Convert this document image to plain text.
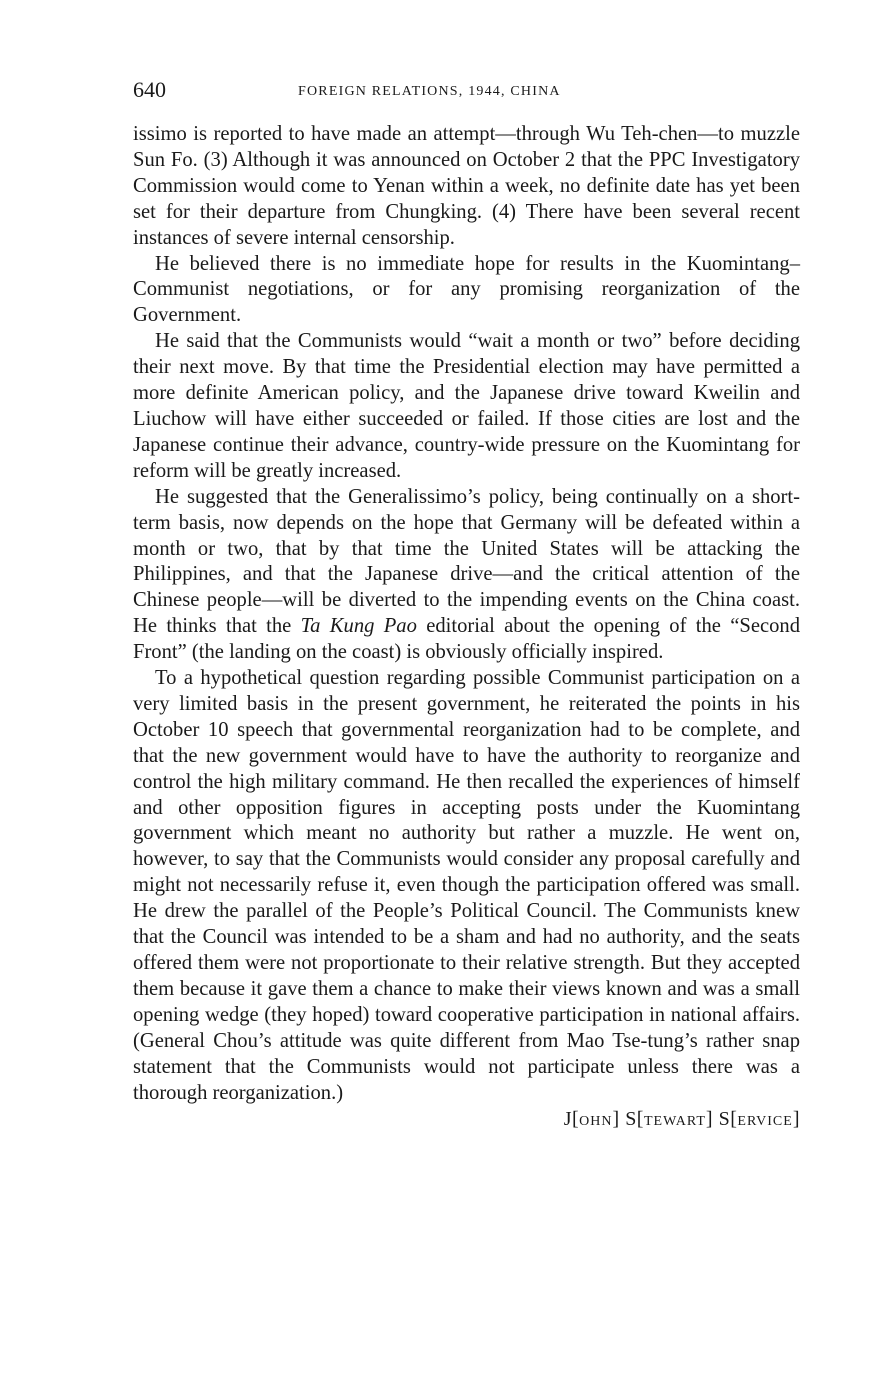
640	FOREIGN RELATIONS, 1944, CHINA

issimo is reported to have made an attempt—through Wu Teh-chen—to muzzle Sun Fo. (3) Although it was announced on October 2 that the PPC Investigatory Commission would come to Yenan within a week, no definite date has yet been set for their departure from Chungking. (4) There have been several recent instances of severe internal censorship.

He believed there is no immediate hope for results in the Kuomintang–Communist negotiations, or for any promising reorganization of the Government.

He said that the Communists would “wait a month or two” before deciding their next move. By that time the Presidential election may have permitted a more definite American policy, and the Japanese drive toward Kweilin and Liuchow will have either succeeded or failed. If those cities are lost and the Japanese continue their advance, country-wide pressure on the Kuomintang for reform will be greatly increased.

He suggested that the Generalissimo’s policy, being continually on a short-term basis, now depends on the hope that Germany will be defeated within a month or two, that by that time the United States will be attacking the Philippines, and that the Japanese drive—and the critical attention of the Chinese people—will be diverted to the impending events on the China coast. He thinks that the Ta Kung Pao editorial about the opening of the “Second Front” (the landing on the coast) is obviously officially inspired.

To a hypothetical question regarding possible Communist participation on a very limited basis in the present government, he reiterated the points in his October 10 speech that governmental reorganization had to be complete, and that the new government would have to have the authority to reorganize and control the high military command. He then recalled the experiences of himself and other opposition figures in accepting posts under the Kuomintang government which meant no authority but rather a muzzle. He went on, however, to say that the Communists would consider any proposal carefully and might not necessarily refuse it, even though the participation offered was small. He drew the parallel of the People’s Political Council. The Communists knew that the Council was intended to be a sham and had no authority, and the seats offered them were not proportionate to their relative strength. But they accepted them because it gave them a chance to make their views known and was a small opening wedge (they hoped) toward cooperative participation in national affairs. (General Chou’s attitude was quite different from Mao Tse-tung’s rather snap statement that the Communists would not participate unless there was a thorough reorganization.)

J[OHN] S[TEWART] S[ERVICE]
